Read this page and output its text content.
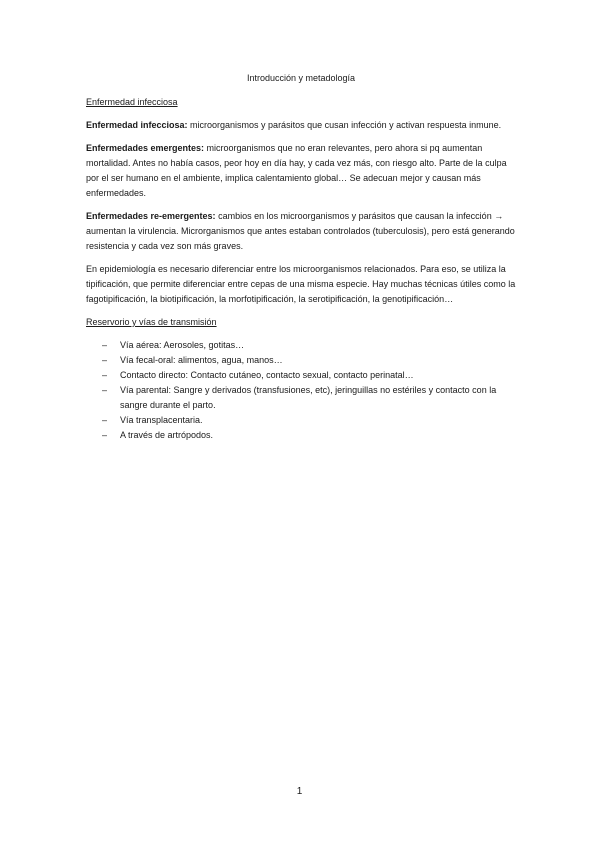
Introducción y metadología
Enfermedad infecciosa

Enfermedad infecciosa: microorganismos y parásitos que cusan infección y activan respuesta inmune.

Enfermedades emergentes: microorganismos que no eran relevantes, pero ahora si pq aumentan mortalidad. Antes no había casos, peor hoy en día hay, y cada vez más, con riesgo alto. Parte de la culpa por el ser humano en el ambiente, implica calentamiento global… Se adecuan mejor y causan más enfermedades.

Enfermedades re-emergentes: cambios en los microorganismos y parásitos que causan la infección → aumentan la virulencia. Microrganismos que antes estaban controlados (tuberculosis), pero está generando resistencia y cada vez son más graves.

En epidemiología es necesario diferenciar entre los microorganismos relacionados. Para eso, se utiliza la tipificación, que permite diferenciar entre cepas de una misma especie. Hay muchas técnicas útiles como la fagotipificación, la biotipificación, la morfotipificación, la serotipificación, la genotipificación…

Reservorio y vías de transmisión
– Vía aérea: Aerosoles, gotitas…
– Vía fecal-oral: alimentos, agua, manos…
– Contacto directo: Contacto cutáneo, contacto sexual, contacto perinatal…
– Vía parental: Sangre y derivados (transfusiones, etc), jeringuillas no estériles y contacto con la sangre durante el parto.
– Vía transplacentaria.
– A través de artrópodos.
1
